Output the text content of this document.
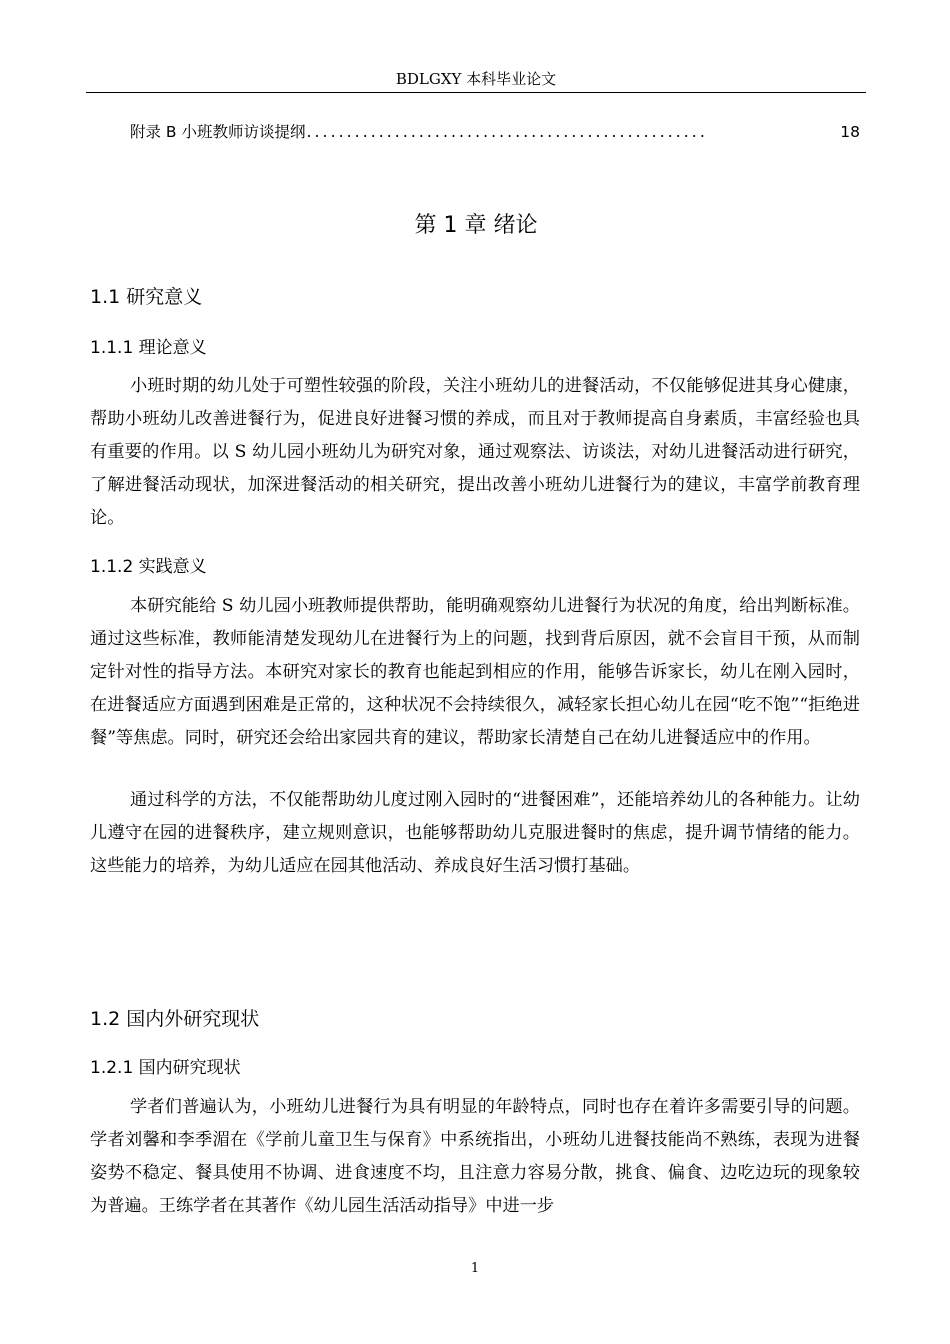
BDLGXY 本科毕业论文
附录 B 小班教师访谈提纲 ..................................................	18
第 1 章 绪论
1.1 研究意义
1.1.1 理论意义

小班时期的幼儿处于可塑性较强的阶段，关注小班幼儿的进餐活动，不仅能够促进其身心健康，帮助小班幼儿改善进餐行为，促进良好进餐习惯的养成，而且对于教师提高自身素质，丰富经验也具有重要的作用。以 S 幼儿园小班幼儿为研究对象，通过观察法、访谈法，对幼儿进餐活动进行研究，了解进餐活动现状，加深进餐活动的相关研究，提出改善小班幼儿进餐行为的建议，丰富学前教育理论。

1.1.2 实践意义

本研究能给 S 幼儿园小班教师提供帮助，能明确观察幼儿进餐行为状况的角度，给出判断标准。通过这些标准，教师能清楚发现幼儿在进餐行为上的问题，找到背后原因，就不会盲目干预，从而制定针对性的指导方法。本研究对家长的教育也能起到相应的作用，能够告诉家长，幼儿在刚入园时，在进餐适应方面遇到困难是正常的，这种状况不会持续很久，减轻家长担心幼儿在园“吃不饱”“拒绝进餐”等焦虑。同时，研究还会给出家园共育的建议，帮助家长清楚自己在幼儿进餐适应中的作用。

通过科学的方法，不仅能帮助幼儿度过刚入园时的“进餐困难”，还能培养幼儿的各种能力。让幼儿遵守在园的进餐秩序，建立规则意识，也能够帮助幼儿克服进餐时的焦虑，提升调节情绪的能力。这些能力的培养，为幼儿适应在园其他活动、养成良好生活习惯打基础。

1.2 国内外研究现状
1.2.1 国内研究现状

学者们普遍认为，小班幼儿进餐行为具有明显的年龄特点，同时也存在着许多需要引导的问题。学者刘馨和李季湄在《学前儿童卫生与保育》中系统指出，小班幼儿进餐技能尚不熟练，表现为进餐姿势不稳定、餐具使用不协调、进食速度不均，且注意力容易分散，挑食、偏食、边吃边玩的现象较为普遍。王练学者在其著作《幼儿园生活活动指导》中进一步

1
